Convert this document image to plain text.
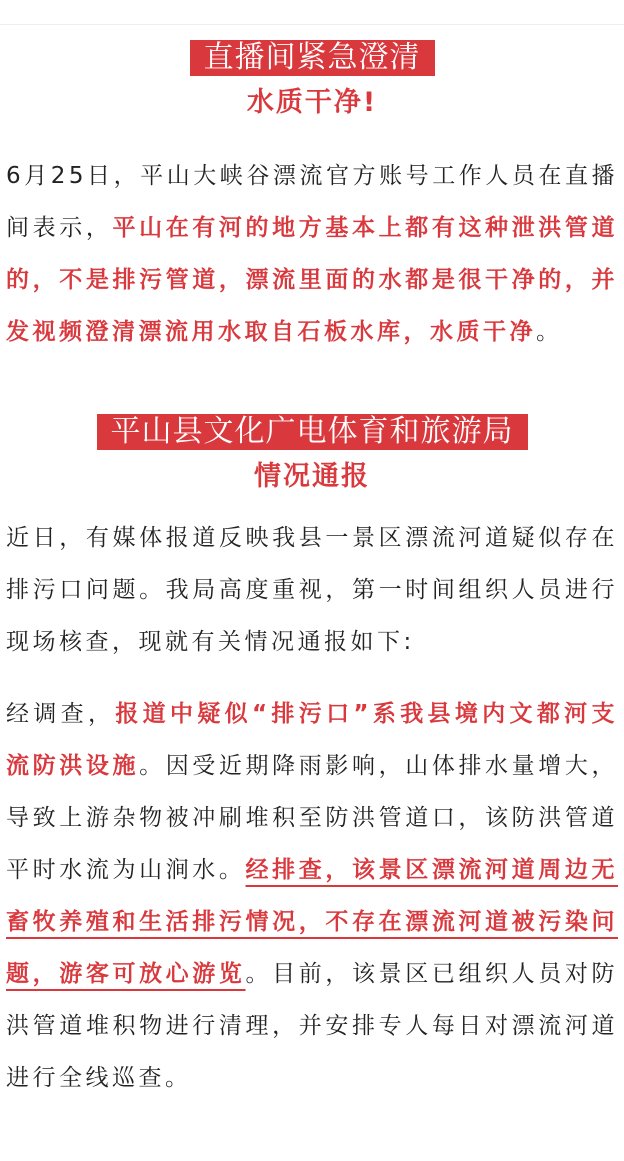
直播间紧急澄清
水质干净!

6月25日，平山大峡谷漂流官方账号工作人员在直播间表示，平山在有河的地方基本上都有这种泄洪管道的，不是排污管道，漂流里面的水都是很干净的，并发视频澄清漂流用水取自石板水库，水质干净。

平山县文化广电体育和旅游局
情况通报

近日，有媒体报道反映我县一景区漂流河道疑似存在排污口问题。我局高度重视，第一时间组织人员进行现场核查，现就有关情况通报如下:

经调查，报道中疑似“排污口”系我县境内文都河支流防洪设施。因受近期降雨影响，山体排水量增大，导致上游杂物被冲刷堆积至防洪管道口，该防洪管道平时水流为山涧水。经排查，该景区漂流河道周边无畜牧养殖和生活排污情况，不存在漂流河道被污染问题，游客可放心游览。目前，该景区已组织人员对防洪管道堆积物进行清理，并安排专人每日对漂流河道进行全线巡查。
